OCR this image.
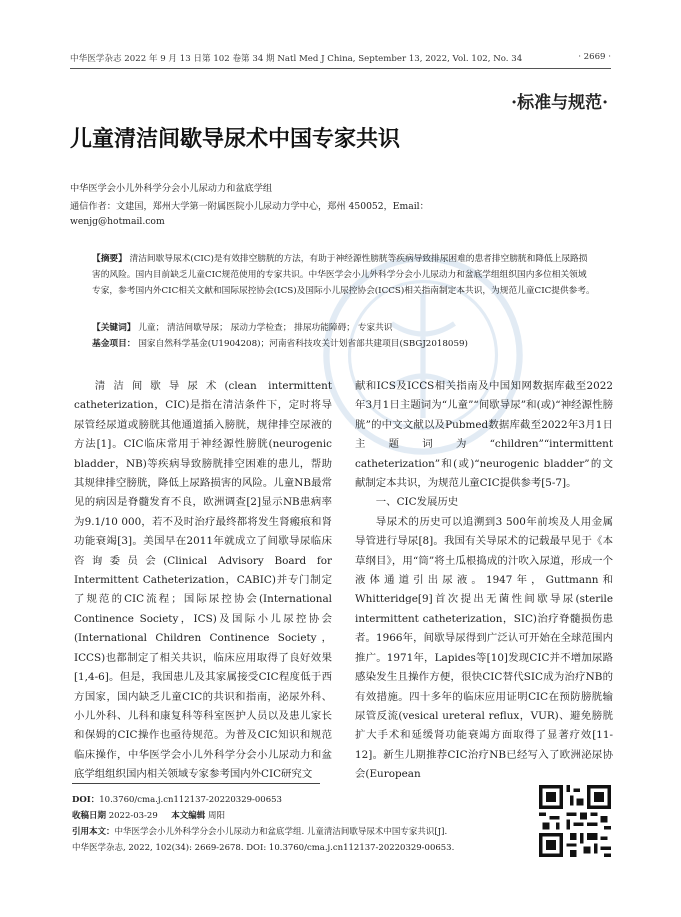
中华医学杂志 2022 年 9 月 13 日第 102 卷第 34 期 Natl Med J China, September 13, 2022, Vol. 102, No. 34	· 2669 ·
·标准与规范·
儿童清洁间歇导尿术中国专家共识
中华医学会小儿外科学分会小儿尿动力和盆底学组
通信作者：文建国，郑州大学第一附属医院小儿尿动力学中心，郑州 450052，Email：
wenjg@hotmail.com
【摘要】 清洁间歇导尿术(CIC)是有效排空膀胱的方法，有助于神经源性膀胱等疾病导致排尿困难的患者排空膀胱和降低上尿路损害的风险。国内目前缺乏儿童CIC规范使用的专家共识。中华医学会小儿外科学分会小儿尿动力和盆底学组组织国内多位相关领域专家，参考国内外CIC相关文献和国际尿控协会(ICS)及国际小儿尿控协会(ICCS)相关指南制定本共识，为规范儿童CIC提供参考。
【关键词】 儿童； 清洁间歇导尿； 尿动力学检查； 排尿功能障碍； 专家共识
基金项目： 国家自然科学基金(U1904208)；河南省科技攻关计划省部共建项目(SBGJ2018059)

清洁间歇导尿术(clean intermittent catheterization，CIC)是指在清洁条件下，定时将导尿管经尿道或膀胱其他通道插入膀胱，规律排空尿液的方法[1]。CIC临床常用于神经源性膀胱(neurogenic bladder，NB)等疾病导致膀胱排空困难的患儿，帮助其规律排空膀胱，降低上尿路损害的风险。儿童NB最常见的病因是脊髓发育不良，欧洲调查[2]显示NB患病率为9.1/10 000，若不及时治疗最终都将发生肾瘢痕和肾功能衰竭[3]。美国早在2011年就成立了间歇导尿临床咨询委员会(Clinical Advisory Board for Intermittent Catheterization，CABIC)并专门制定了规范的CIC流程；国际尿控协会(International Continence Society，ICS)及国际小儿尿控协会(International Children Continence Society，ICCS)也都制定了相关共识，临床应用取得了良好效果[1,4-6]。但是，我国患儿及其家属接受CIC程度低于西方国家，国内缺乏儿童CIC的共识和指南，泌尿外科、小儿外科、儿科和康复科等科室医护人员以及患儿家长和保姆的CIC操作也亟待规范。为普及CIC知识和规范临床操作，中华医学会小儿外科学分会小儿尿动力和盆底学组组织国内相关领域专家参考国内外CIC研究文

献和ICS及ICCS相关指南及中国知网数据库截至2022年3月1日主题词为“儿童”“间歇导尿”和(或)“神经源性膀胱”的中文文献以及Pubmed数据库截至2022年3月1日主题词为“children”“intermittent catheterization”和(或)“neurogenic bladder”的文献制定本共识，为规范儿童CIC提供参考[5-7]。

一、CIC发展历史

导尿术的历史可以追溯到3 500年前埃及人用金属导管进行导尿[8]。我国有关导尿术的记载最早见于《本草纲目》，用“筒”将土瓜根捣成的汁吹入尿道，形成一个液体通道引出尿液。1947年，Guttmann和Whitteridge[9]首次提出无菌性间歇导尿(sterile intermittent catheterization，SIC)治疗脊髓损伤患者。1966年，间歇导尿得到广泛认可开始在全球范围内推广。1971年，Lapides等[10]发现CIC并不增加尿路感染发生且操作方便，很快CIC替代SIC成为治疗NB的有效措施。四十多年的临床应用证明CIC在预防膀胱输尿管反流(vesical ureteral reflux，VUR)、避免膀胱扩大手术和延缓肾功能衰竭方面取得了显著疗效[11-12]。新生儿期推荐CIC治疗NB已经写入了欧洲泌尿协会(European

DOI：10.3760/cma.j.cn112137-20220329-00653
收稿日期 2022-03-29 本文编辑 周阳
引用本文：中华医学会小儿外科学分会小儿尿动力和盆底学组. 儿童清洁间歇导尿术中国专家共识[J].
中华医学杂志, 2022, 102(34): 2669-2678. DOI: 10.3760/cma.j.cn112137-20220329-00653.
